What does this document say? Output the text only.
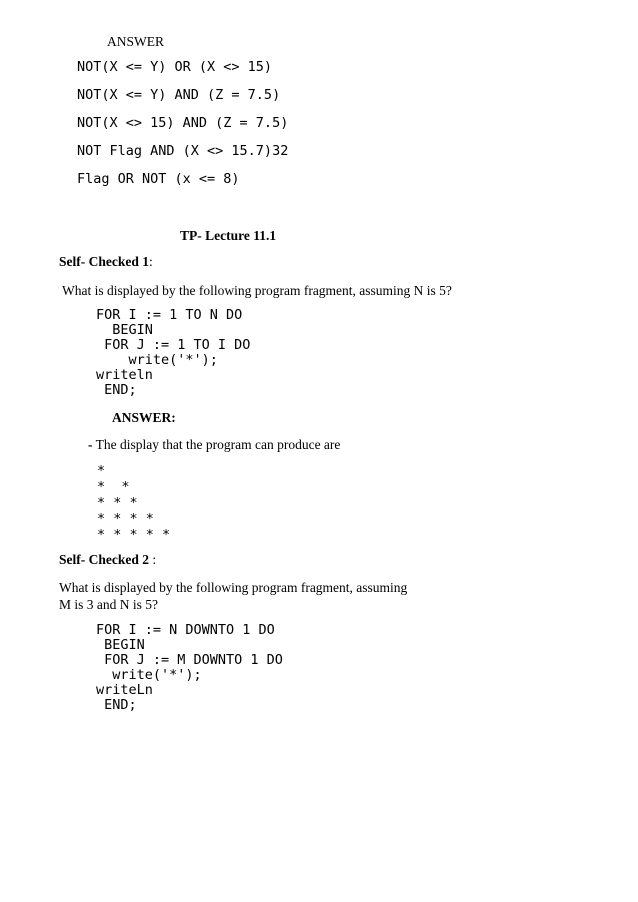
ANSWER
NOT(X <= Y) OR (X <> 15)
NOT(X <= Y) AND (Z = 7.5)
NOT(X <> 15) AND (Z = 7.5)
NOT Flag AND (X <> 15.7)32
Flag OR NOT (x <= 8)
TP- Lecture 11.1
Self- Checked 1:
What is displayed by the following program fragment, assuming N is 5?
FOR I := 1 TO N DO
BEGIN
FOR J := 1 TO I DO
write('*');
writeln
END;
ANSWER:
- The display that the program can produce are
*
*  *
* * *
* * * *
* * * * *
Self- Checked 2 :
What is displayed by the following program fragment, assuming
M is 3 and N is 5?
FOR I := N DOWNTO 1 DO
BEGIN
FOR J := M DOWNTO 1 DO
write('*');
writeLn
END;
